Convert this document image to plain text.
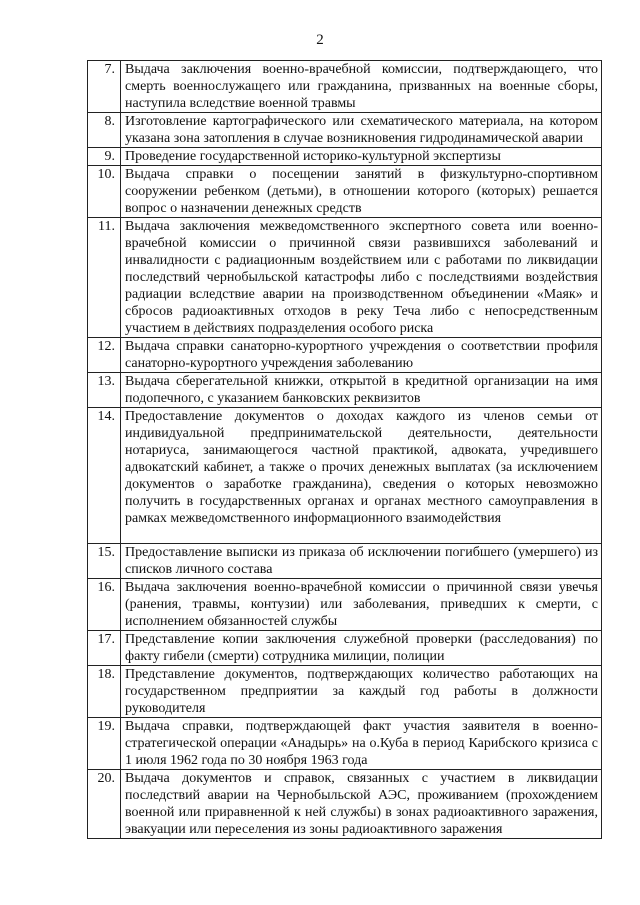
2
7.	Выдача заключения военно-врачебной комиссии, подтверждающего, что смерть военнослужащего или гражданина, призванных на военные сборы, наступила вследствие военной травмы
8.	Изготовление картографического или схематического материала, на котором указана зона затопления в случае возникновения гидродинамической аварии
9.	Проведение государственной историко-культурной экспертизы
10.	Выдача справки о посещении занятий в физкультурно-спортивном сооружении ребенком (детьми), в отношении которого (которых) решается вопрос о назначении денежных средств
11.	Выдача заключения межведомственного экспертного совета или военно-врачебной комиссии о причинной связи развившихся заболеваний и инвалидности с радиационным воздействием или с работами по ликвидации последствий чернобыльской катастрофы либо с последствиями воздействия радиации вследствие аварии на производственном объединении «Маяк» и сбросов радиоактивных отходов в реку Теча либо с непосредственным участием в действиях подразделения особого риска
12.	Выдача справки санаторно-курортного учреждения о соответствии профиля санаторно-курортного учреждения заболеванию
13.	Выдача сберегательной книжки, открытой в кредитной организации на имя подопечного, с указанием банковских реквизитов
14.	Предоставление документов о доходах каждого из членов семьи от индивидуальной предпринимательской деятельности, деятельности нотариуса, занимающегося частной практикой, адвоката, учредившего адвокатский кабинет, а также о прочих денежных выплатах (за исключением документов о заработке гражданина), сведения о которых невозможно получить в государственных органах и органах местного самоуправления в рамках межведомственного информационного взаимодействия
15.	Предоставление выписки из приказа об исключении погибшего (умершего) из списков личного состава
16.	Выдача заключения военно-врачебной комиссии о причинной связи увечья (ранения, травмы, контузии) или заболевания, приведших к смерти, с исполнением обязанностей службы
17.	Представление копии заключения служебной проверки (расследования) по факту гибели (смерти) сотрудника милиции, полиции
18.	Представление документов, подтверждающих количество работающих на государственном предприятии за каждый год работы в должности руководителя
19.	Выдача справки, подтверждающей факт участия заявителя в военно-стратегической операции «Анадырь» на о.Куба в период Карибского кризиса с 1 июля 1962 года по 30 ноября 1963 года
20.	Выдача документов и справок, связанных с участием в ликвидации последствий аварии на Чернобыльской АЭС, проживанием (прохождением военной или приравненной к ней службы) в зонах радиоактивного заражения, эвакуации или переселения из зоны радиоактивного заражения
